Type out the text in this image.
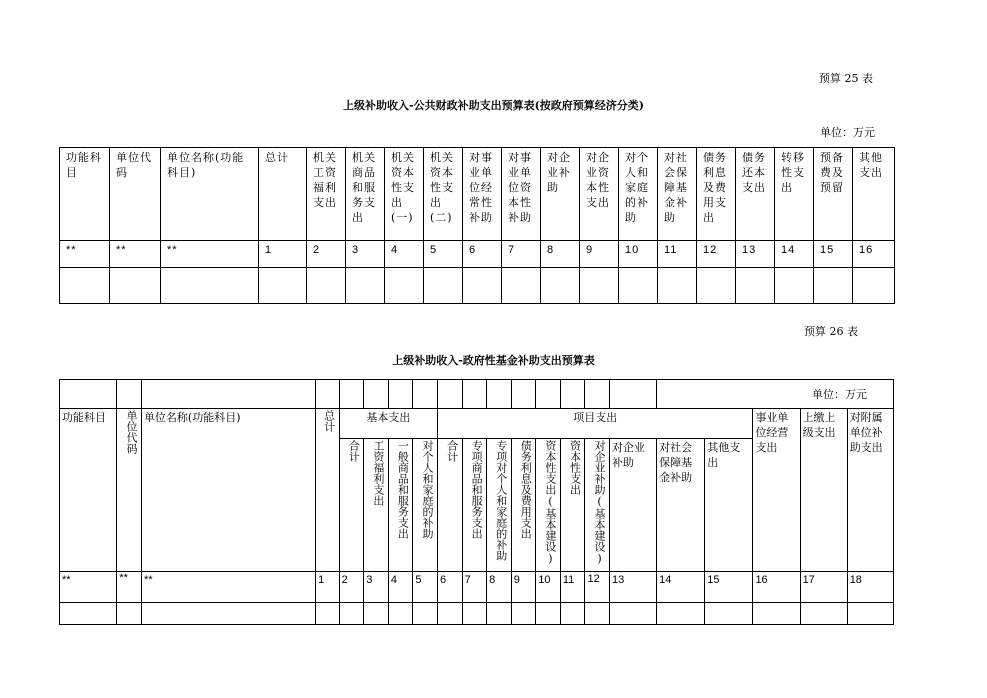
预算 25 表
上级补助收入-公共财政补助支出预算表(按政府预算经济分类)
单位：万元
功能科目	单位代码	单位名称(功能科目)	总计	机关工资福利支出	机关商品和服务支出	机关资本性支出(一)	机关资本性支出(二)	对事业单位经常性补助	对事业单位资本性补助	对企业补助	对企业资本性支出	对个人和家庭的补助	对社会保障基金补助	债务利息及费用支出	债务还本支出	转移性支出	预备费及预留	其他支出
**	**	**	1	2	3	4	5	6	7	8	9	10	11	12	13	14	15	16

预算 26 表
上级补助收入-政府性基金补助支出预算表
																单位：万元				
功能科目	单位代码	单位名称(功能科目)	总计	基本支出				项目支出										事业单位经营支出	上缴上级支出	对附属单位补助支出
				合计	工资福利支出	一般商品和服务支出	对个人和家庭的补助	合计	专项商品和服务支出	专项对个人和家庭的补助	债务利息及费用支出	资本性支出(基本建设)	资本性支出	对企业补助(基本建设)	对企业补助	对社会保障基金补助	其他支出			
**	**	**	1	2	3	4	5	6	7	8	9	10	11	12	13	14	15	16	17	18
